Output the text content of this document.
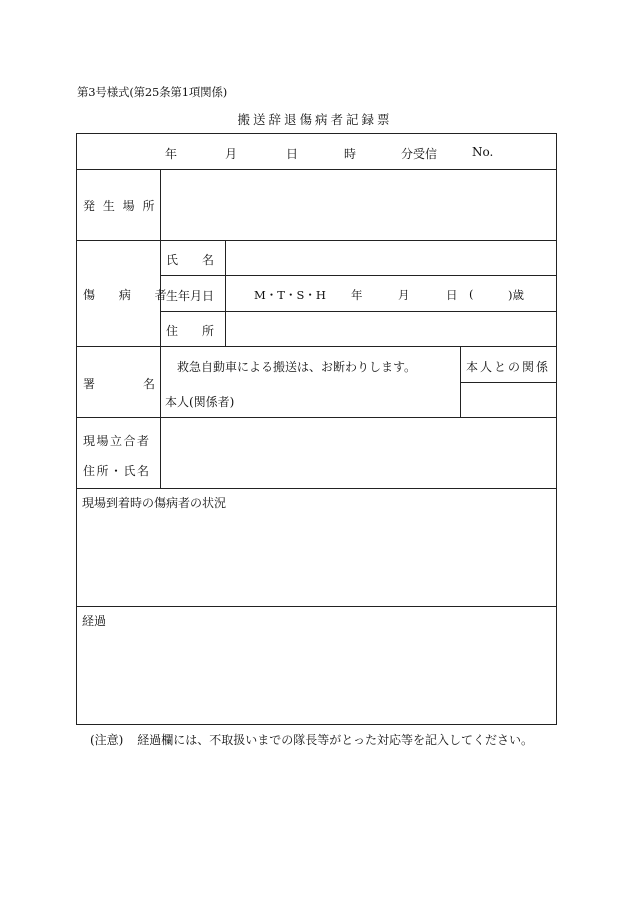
第3号様式(第25条第1項関係)
搬送辞退傷病者記録票
年	月	日	時	分受信	No.
発 生 場 所
傷 病 者
氏　　名
生年月日	M・T・S・H 年	月	日 (	)歳
住　　所
署	名
救急自動車による搬送は、お断わりします。
本人(関係者)
本人との関係
現場立合者
住所・氏名
現場到着時の傷病者の状況
経過
(注意) 経過欄には、不取扱いまでの隊長等がとった対応等を記入してください。
